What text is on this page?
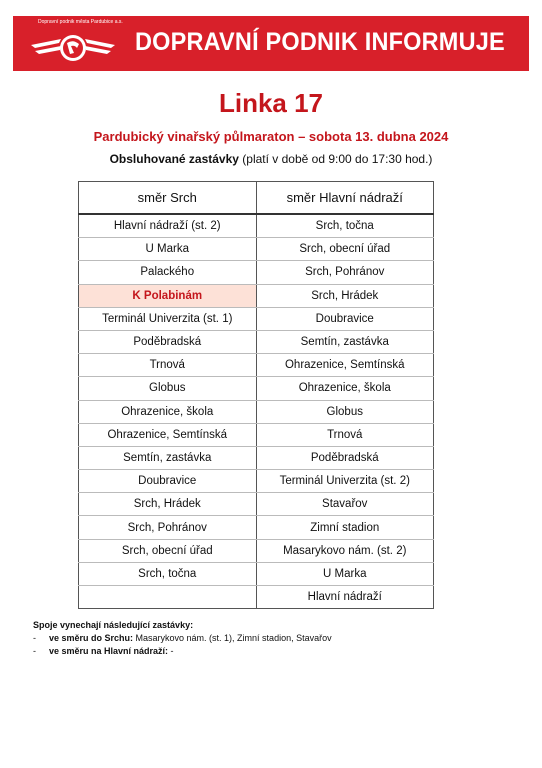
Dopravní podnik města Pardubice a.s.
DOPRAVNÍ PODNIK INFORMUJE
Linka 17
Pardubický vinařský půlmaraton – sobota 13. dubna 2024
Obsluhované zastávky (platí v době od 9:00 do 17:30 hod.)
směr Srch	směr Hlavní nádraží
Hlavní nádraží (st. 2)	Srch, točna
U Marka	Srch, obecní úřad
Palackého	Srch, Pohránov
K Polabinám	Srch, Hrádek
Terminál Univerzita (st. 1)	Doubravice
Poděbradská	Semtín, zastávka
Trnová	Ohrazenice, Semtínská
Globus	Ohrazenice, škola
Ohrazenice, škola	Globus
Ohrazenice, Semtínská	Trnová
Semtín, zastávka	Poděbradská
Doubravice	Terminál Univerzita (st. 2)
Srch, Hrádek	Stavařov
Srch, Pohránov	Zimní stadion
Srch, obecní úřad	Masarykovo nám. (st. 2)
Srch, točna	U Marka
	Hlavní nádraží
Spoje vynechají následující zastávky:
-	ve směru do Srchu: Masarykovo nám. (st. 1), Zimní stadion, Stavařov
-	ve směru na Hlavní nádraží: -
